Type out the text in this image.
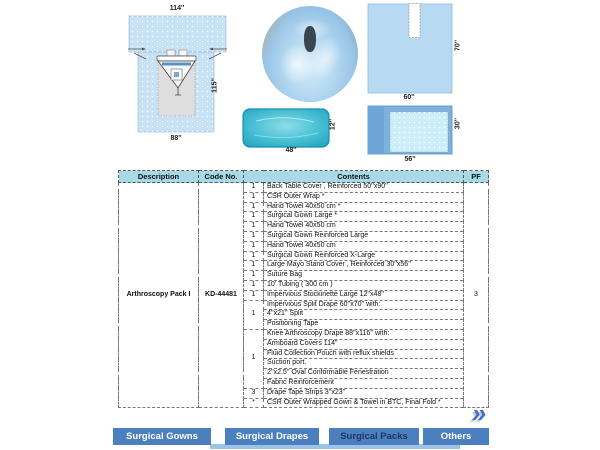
114''
115''
88''
12''
48''
70''
60''
30''
56''
Description	Code No.	Contents		PF
Arthroscopy Pack I	KD-44481	1	Back Table Cover , Reinforced 50''x90''	3
		1	CSR Outer Wrap *	
		1	Hand Towel 40x50 cm *	
		1	Surgical Gown Large *	
		1	Hand Towel 40x50 cm	
		1	Surgical Gown Reinforced Large	
		1	Hand Towel 40x50 cm	
		1	Surgical Gown Reinforced X-Large	
		1	Large Mayo Stand Cover , Reinforced 30''x56''	
		1	Suture Bag	
		1	10' Tubing ( 300 cm )	
		1	Impervious Stockinette Large 12''x48''	
		1	Impervious Split Drape 60''x70'' with:	
			4''x21'' Split	
			Positioning Tape	
		1	Knee Arthroscopy Drape 88''x116'' with:	
			Armboard Covers 114''	
			Fluid Collection Pouch with reflux shields	
			Suction port.	
			2''x2.5'' Oval Conformable Fenestration	
			Fabric Reinforcement	
		3	Drape Tape Strips 3''x23''	
		*	CSR Outer Wrapped Gown & Towel in BTC, Final Fold *		»
Surgical Gowns	Surgical Drapes	Surgical Packs	Others
